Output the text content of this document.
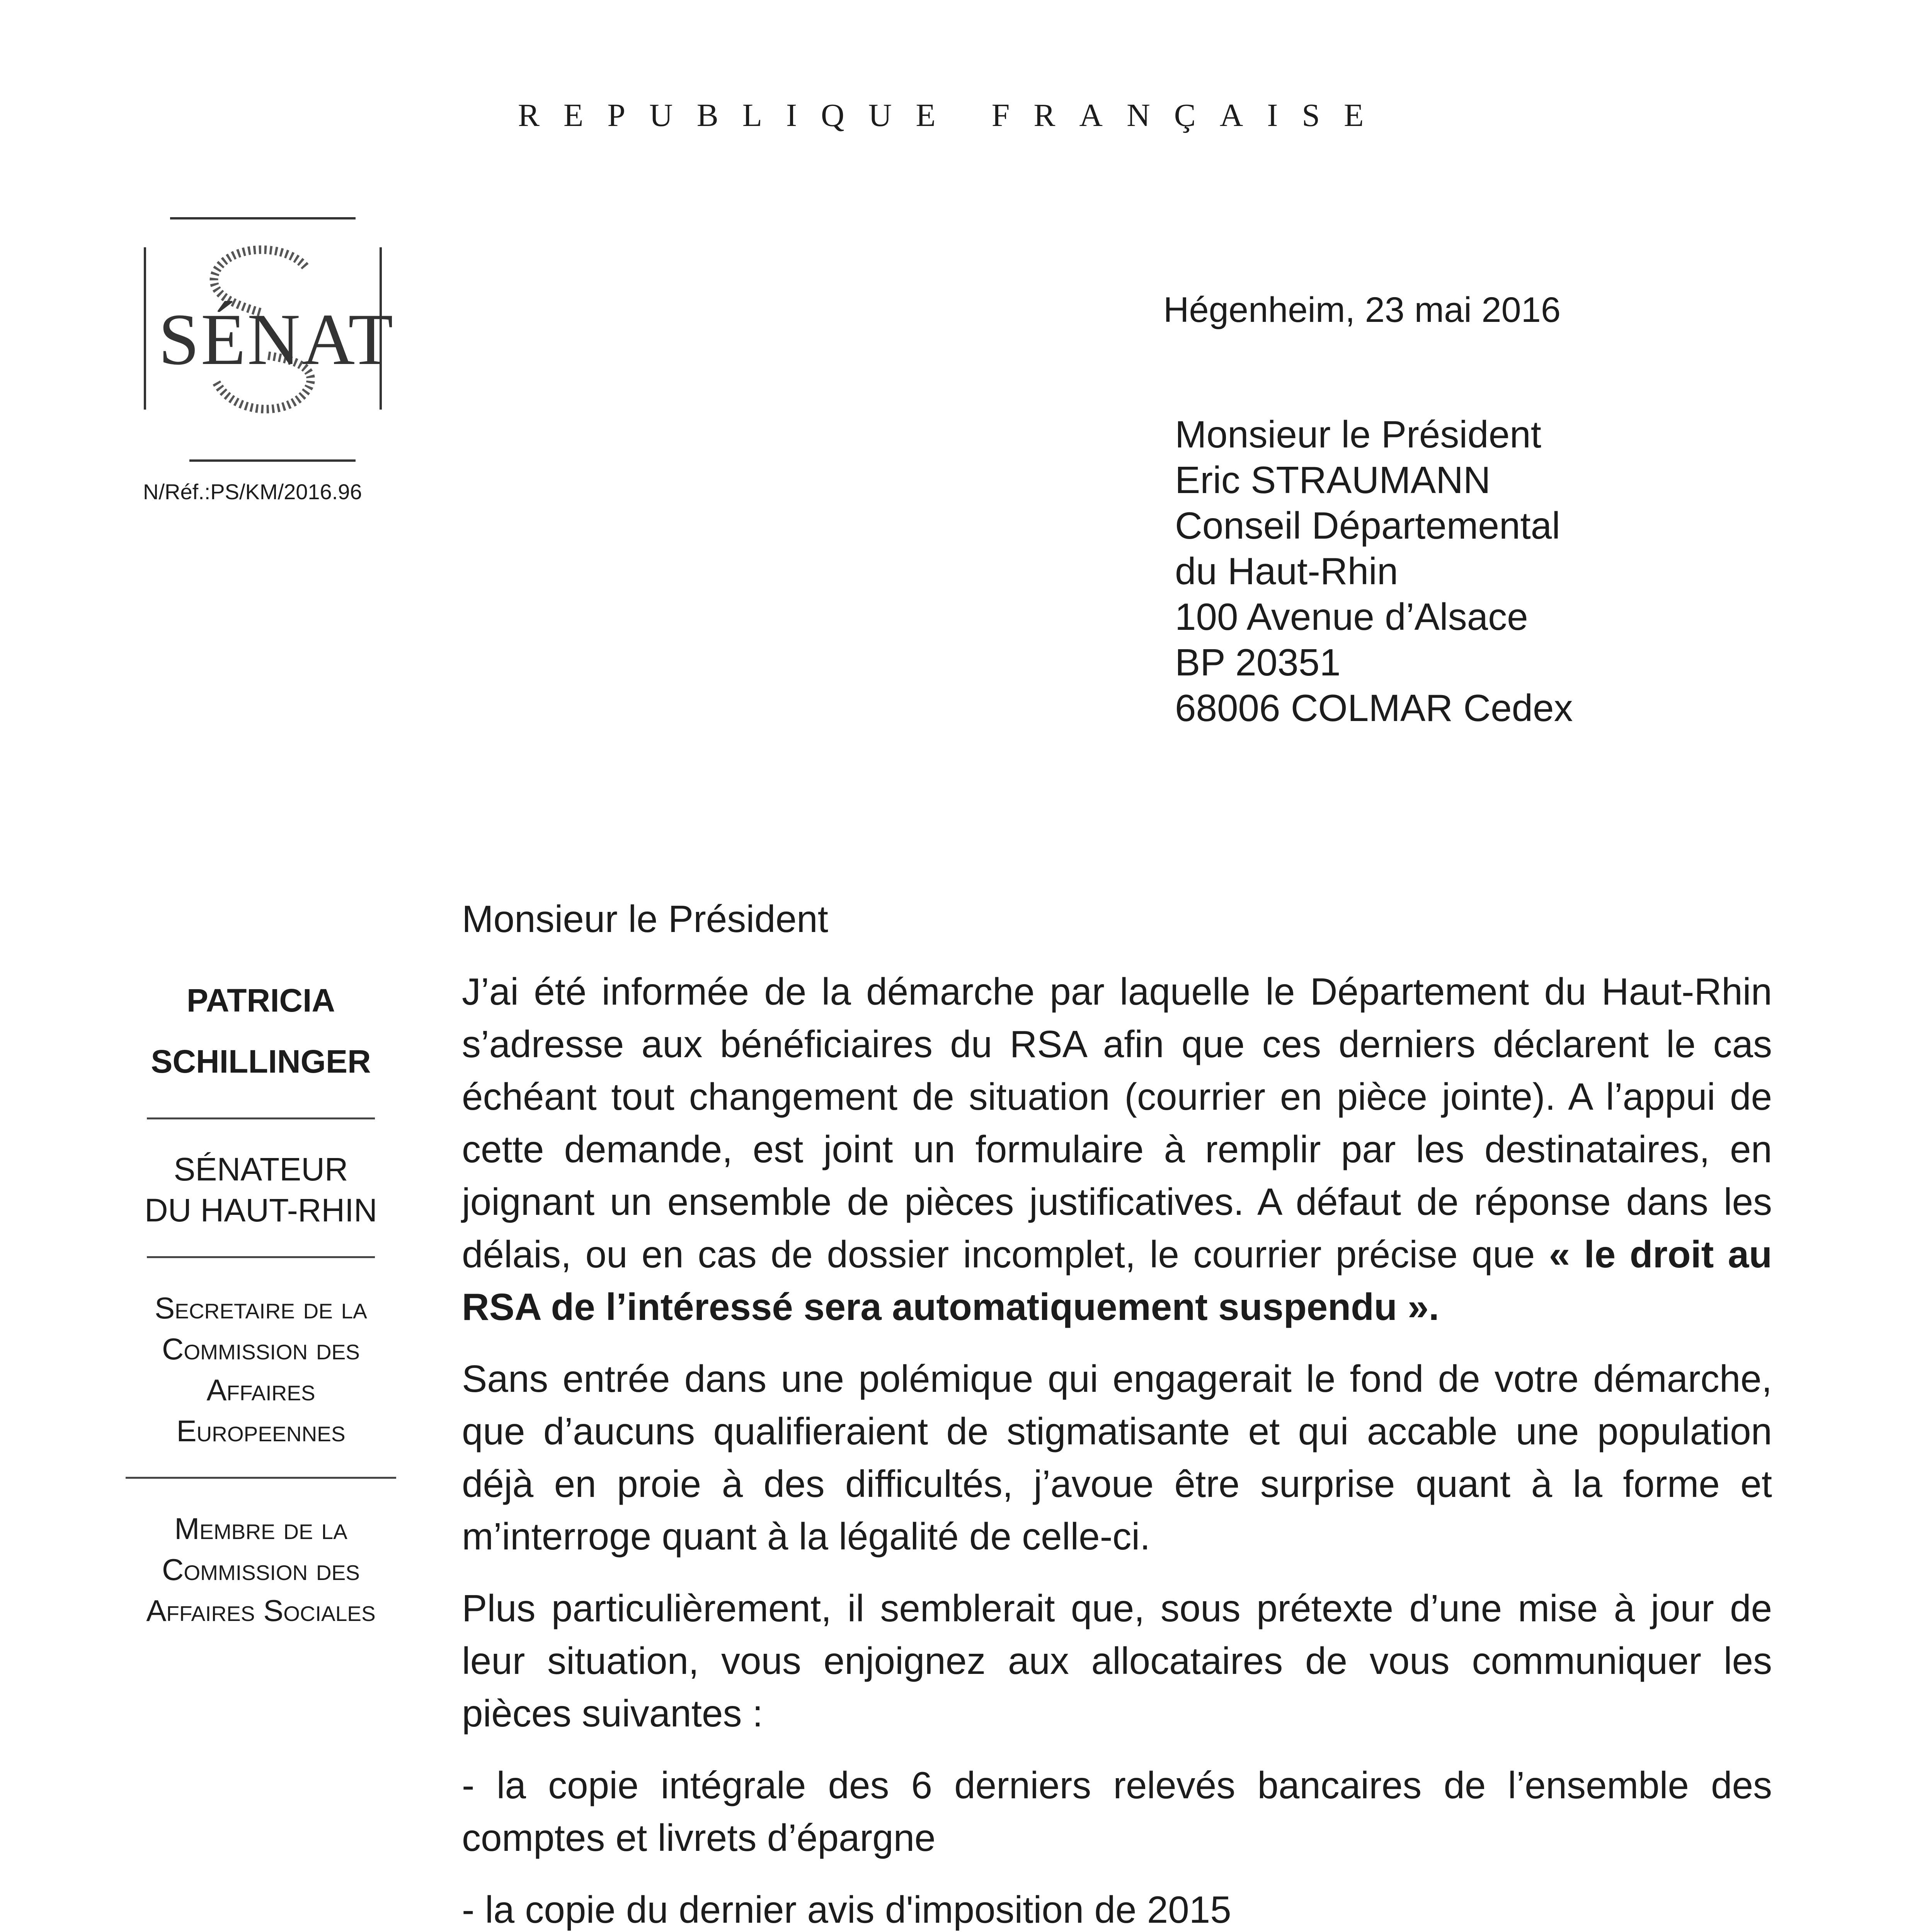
REPUBLIQUE FRANÇAISE
SÉNAT
N/Réf.:PS/KM/2016.96
Hégenheim, 23 mai 2016
Monsieur le Président
Eric STRAUMANN
Conseil Départemental
du Haut-Rhin
100 Avenue d’Alsace
BP 20351
68006 COLMAR Cedex
PATRICIA
SCHILLINGER
SÉNATEUR
DU HAUT-RHIN
Secretaire de la
Commission des
Affaires
Europeennes
Membre de la
Commission des
Affaires Sociales

Monsieur le Président

J’ai été informée de la démarche par laquelle le Département du Haut-Rhin s’adresse aux bénéficiaires du RSA afin que ces derniers déclarent le cas échéant tout changement de situation (courrier en pièce jointe). A l’appui de cette demande, est joint un formulaire à remplir par les destinataires, en joignant un ensemble de pièces justificatives. A défaut de réponse dans les délais, ou en cas de dossier incomplet, le courrier précise que « le droit au RSA de l’intéressé sera automatiquement suspendu ».

Sans entrée dans une polémique qui engagerait le fond de votre démarche, que d’aucuns qualifieraient de stigmatisante et qui accable une population déjà en proie à des difficultés, j’avoue être surprise quant à la forme et m’interroge quant à la légalité de celle-ci.

Plus particulièrement, il semblerait que, sous prétexte d’une mise à jour de leur situation, vous enjoignez aux allocataires de vous communiquer les pièces suivantes :

- la copie intégrale des 6 derniers relevés bancaires de l’ensemble des comptes et livrets d’épargne

- la copie du dernier avis d'imposition de 2015
